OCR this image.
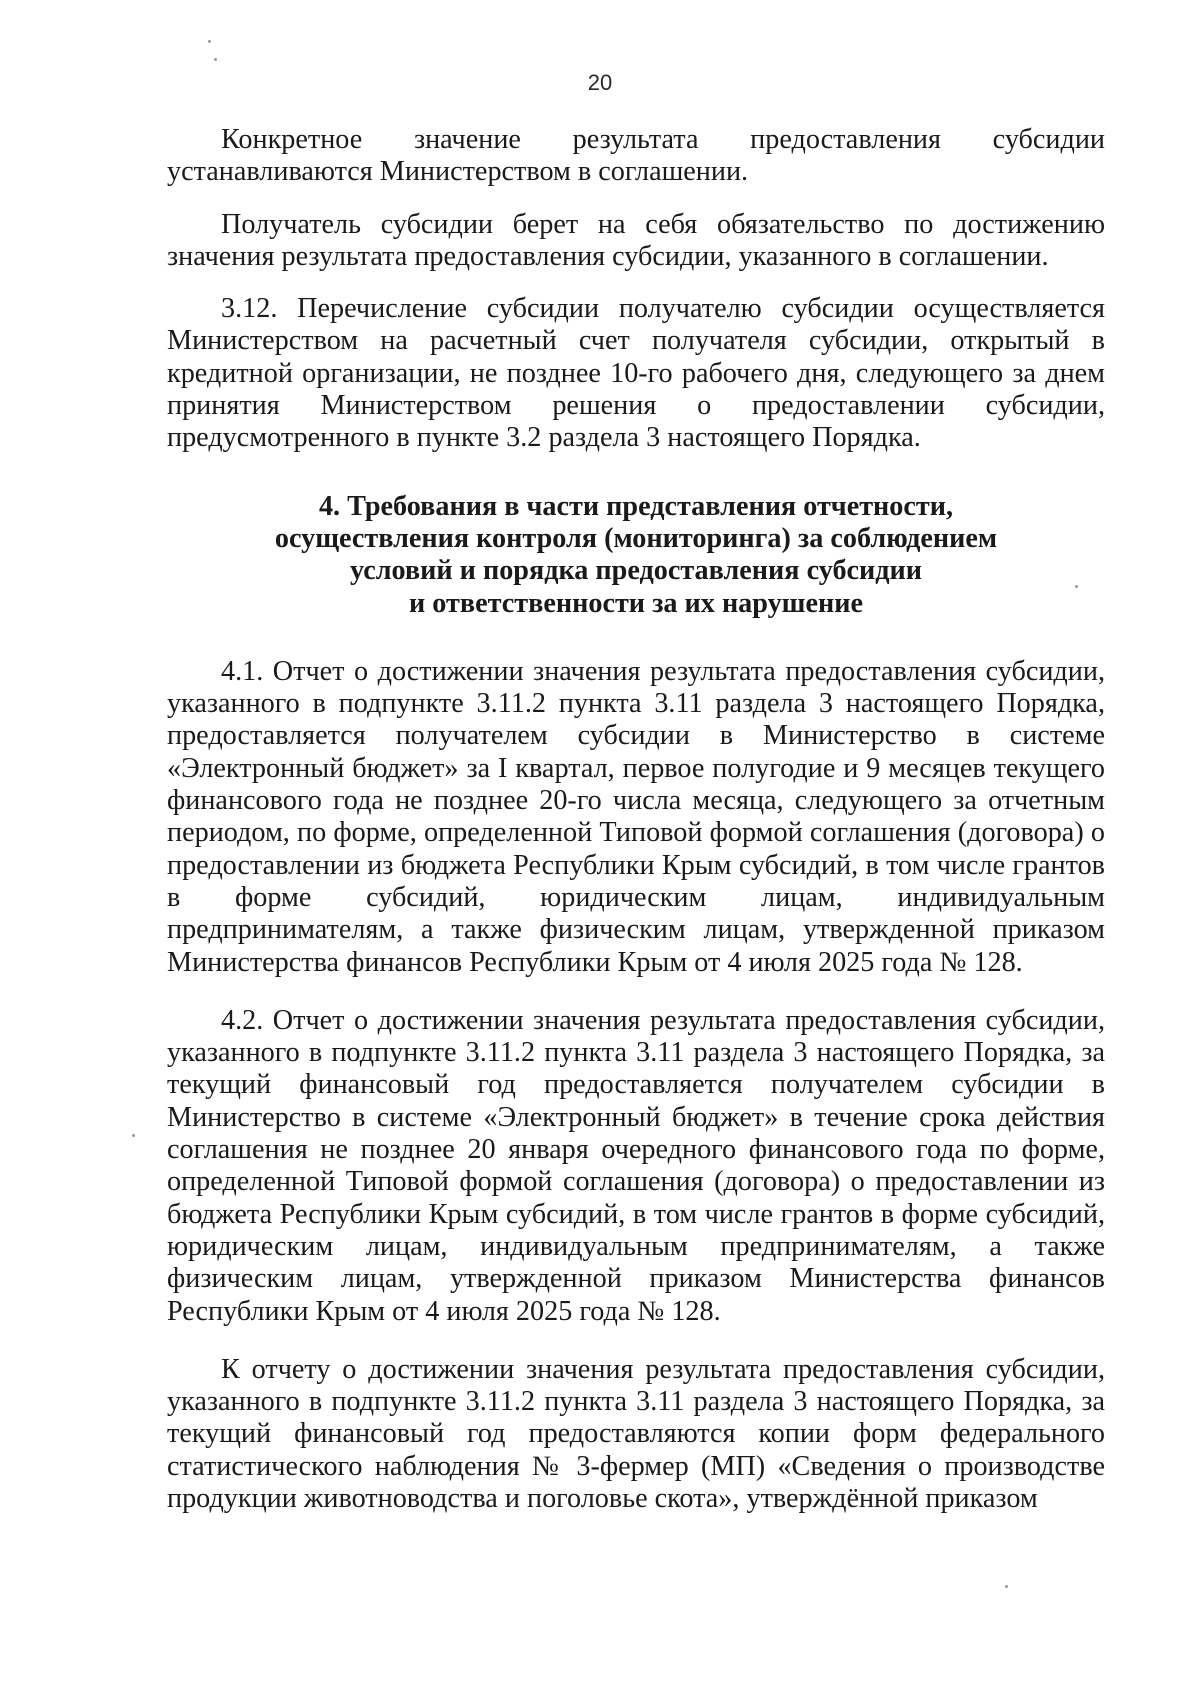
20

Конкретное значение результата предоставления субсидии устанавливаются Министерством в соглашении.

Получатель субсидии берет на себя обязательство по достижению значения результата предоставления субсидии, указанного в соглашении.

3.12. Перечисление субсидии получателю субсидии осуществляется Министерством на расчетный счет получателя субсидии, открытый в кредитной организации, не позднее 10-го рабочего дня, следующего за днем принятия Министерством решения о предоставлении субсидии, предусмотренного в пункте 3.2 раздела 3 настоящего Порядка.

4. Требования в части представления отчетности,
осуществления контроля (мониторинга) за соблюдением
условий и порядка предоставления субсидии
и ответственности за их нарушение

4.1. Отчет о достижении значения результата предоставления субсидии, указанного в подпункте 3.11.2 пункта 3.11 раздела 3 настоящего Порядка, предоставляется получателем субсидии в Министерство в системе «Электронный бюджет» за I квартал, первое полугодие и 9 месяцев текущего финансового года не позднее 20-го числа месяца, следующего за отчетным периодом, по форме, определенной Типовой формой соглашения (договора) о предоставлении из бюджета Республики Крым субсидий, в том числе грантов в форме субсидий, юридическим лицам, индивидуальным предпринимателям, а также физическим лицам, утвержденной приказом Министерства финансов Республики Крым от 4 июля 2025 года № 128.

4.2. Отчет о достижении значения результата предоставления субсидии, указанного в подпункте 3.11.2 пункта 3.11 раздела 3 настоящего Порядка, за текущий финансовый год предоставляется получателем субсидии в Министерство в системе «Электронный бюджет» в течение срока действия соглашения не позднее 20 января очередного финансового года по форме, определенной Типовой формой соглашения (договора) о предоставлении из бюджета Республики Крым субсидий, в том числе грантов в форме субсидий, юридическим лицам, индивидуальным предпринимателям, а также физическим лицам, утвержденной приказом Министерства финансов Республики Крым от 4 июля 2025 года № 128.

К отчету о достижении значения результата предоставления субсидии, указанного в подпункте 3.11.2 пункта 3.11 раздела 3 настоящего Порядка, за текущий финансовый год предоставляются копии форм федерального статистического наблюдения № 3-фермер (МП) «Сведения о производстве продукции животноводства и поголовье скота», утверждённой приказом
